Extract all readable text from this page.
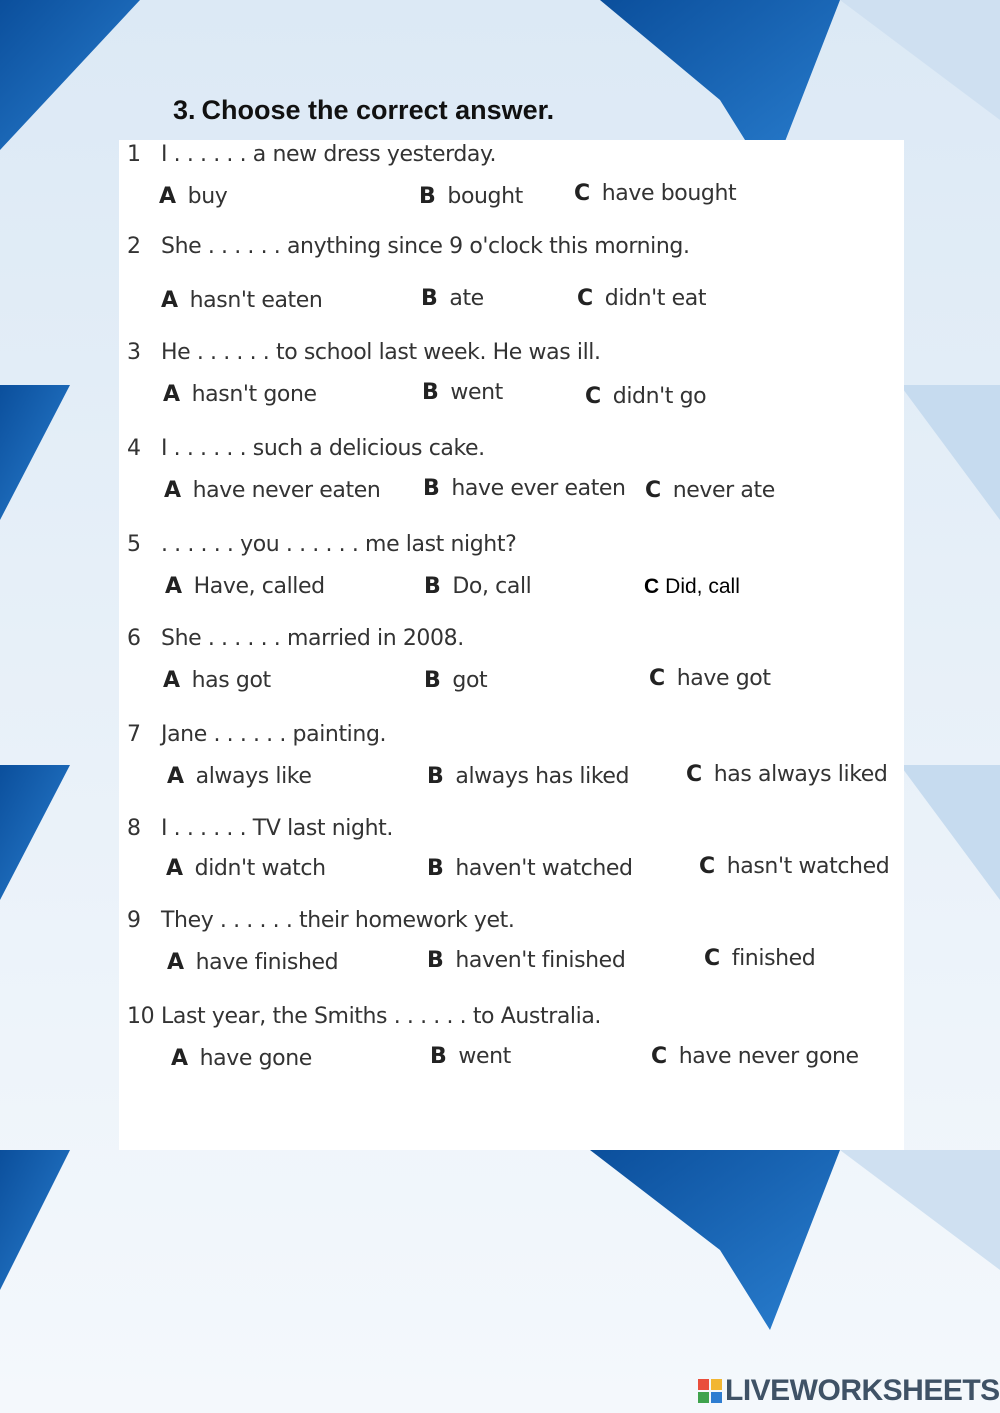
3. Choose the correct answer.
1 I . . . . . . a new dress yesterday.
A buy	B bought C have bought
2 She . . . . . . anything since 9 o'clock this morning.
A hasn't eaten	B ate	C didn't eat
3 He . . . . . . to school last week. He was ill.
A hasn't gone	B went	C didn't go
4 I . . . . . . such a delicious cake.
A have never eaten B have ever eaten C never ate
5 . . . . . . you . . . . . . me last night?
A Have, called	B Do, call	C Did, call
6 She . . . . . . married in 2008.
A has got	B got	C have got
7 Jane . . . . . . painting.
A always like	B always has liked	C has always liked
8 I . . . . . . TV last night.
A didn't watch	B haven't watched	C hasn't watched
9 They . . . . . . their homework yet.
A have finished	B haven't finished	C finished
10 Last year, the Smiths . . . . . . to Australia.
A have gone	B went	C have never gone
LIVEWORKSHEETS
